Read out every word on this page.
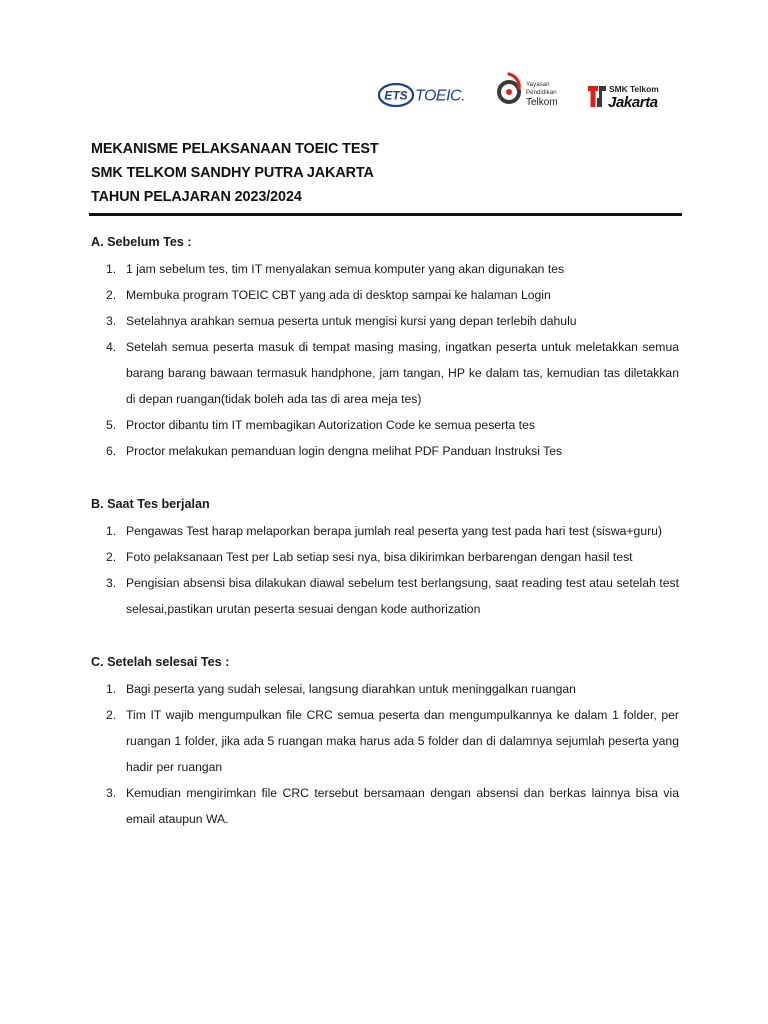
ETS TOEIC.
Yayasan
Pendidikan
Telkom
SMK Telkom
Jakarta
MEKANISME PELAKSANAAN TOEIC TEST
SMK TELKOM SANDHY PUTRA JAKARTA
TAHUN PELAJARAN 2023/2024
A. Sebelum Tes :
1. 1 jam sebelum tes, tim IT menyalakan semua komputer yang akan digunakan tes
2. Membuka program TOEIC CBT yang ada di desktop sampai ke halaman Login
3. Setelahnya arahkan semua peserta untuk mengisi kursi yang depan terlebih dahulu
4. Setelah semua peserta masuk di tempat masing masing, ingatkan peserta untuk meletakkan semua barang barang bawaan termasuk handphone, jam tangan, HP ke dalam tas, kemudian tas diletakkan di depan ruangan(tidak boleh ada tas di area meja tes)
5. Proctor dibantu tim IT membagikan Autorization Code ke semua peserta tes
6. Proctor melakukan pemanduan login dengna melihat PDF Panduan Instruksi Tes
B. Saat Tes berjalan
1. Pengawas Test harap melaporkan berapa jumlah real peserta yang test pada hari test (siswa+guru)
2. Foto pelaksanaan Test per Lab setiap sesi nya, bisa dikirimkan berbarengan dengan hasil test
3. Pengisian absensi bisa dilakukan diawal sebelum test berlangsung, saat reading test atau setelah test selesai,pastikan urutan peserta sesuai dengan kode authorization
C. Setelah selesai Tes :
1. Bagi peserta yang sudah selesai, langsung diarahkan untuk meninggalkan ruangan
2. Tim IT wajib mengumpulkan file CRC semua peserta dan mengumpulkannya ke dalam 1 folder, per ruangan 1 folder, jika ada 5 ruangan maka harus ada 5 folder dan di dalamnya sejumlah peserta yang hadir per ruangan
3. Kemudian mengirimkan file CRC tersebut bersamaan dengan absensi dan berkas lainnya bisa via email ataupun WA.
